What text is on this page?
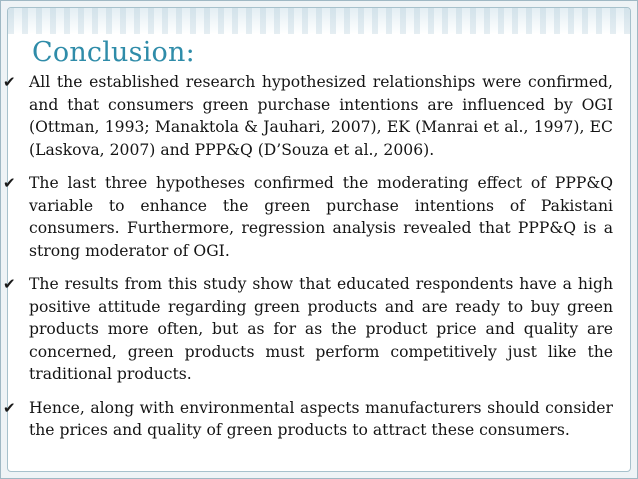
Conclusion:
✔ All the established research hypothesized relationships were confirmed, and that consumers green purchase intentions are influenced by OGI (Ottman, 1993; Manaktola & Jauhari, 2007), EK (Manrai et al., 1997), EC (Laskova, 2007) and PPP&Q (D’Souza et al., 2006).

✔ The last three hypotheses confirmed the moderating effect of PPP&Q variable to enhance the green purchase intentions of Pakistani consumers. Furthermore, regression analysis revealed that PPP&Q is a strong moderator of OGI.

✔ The results from this study show that educated respondents have a high positive attitude regarding green products and are ready to buy green products more often, but as for as the product price and quality are concerned, green products must perform competitively just like the traditional products.

✔ Hence, along with environmental aspects manufacturers should consider the prices and quality of green products to attract these consumers.
